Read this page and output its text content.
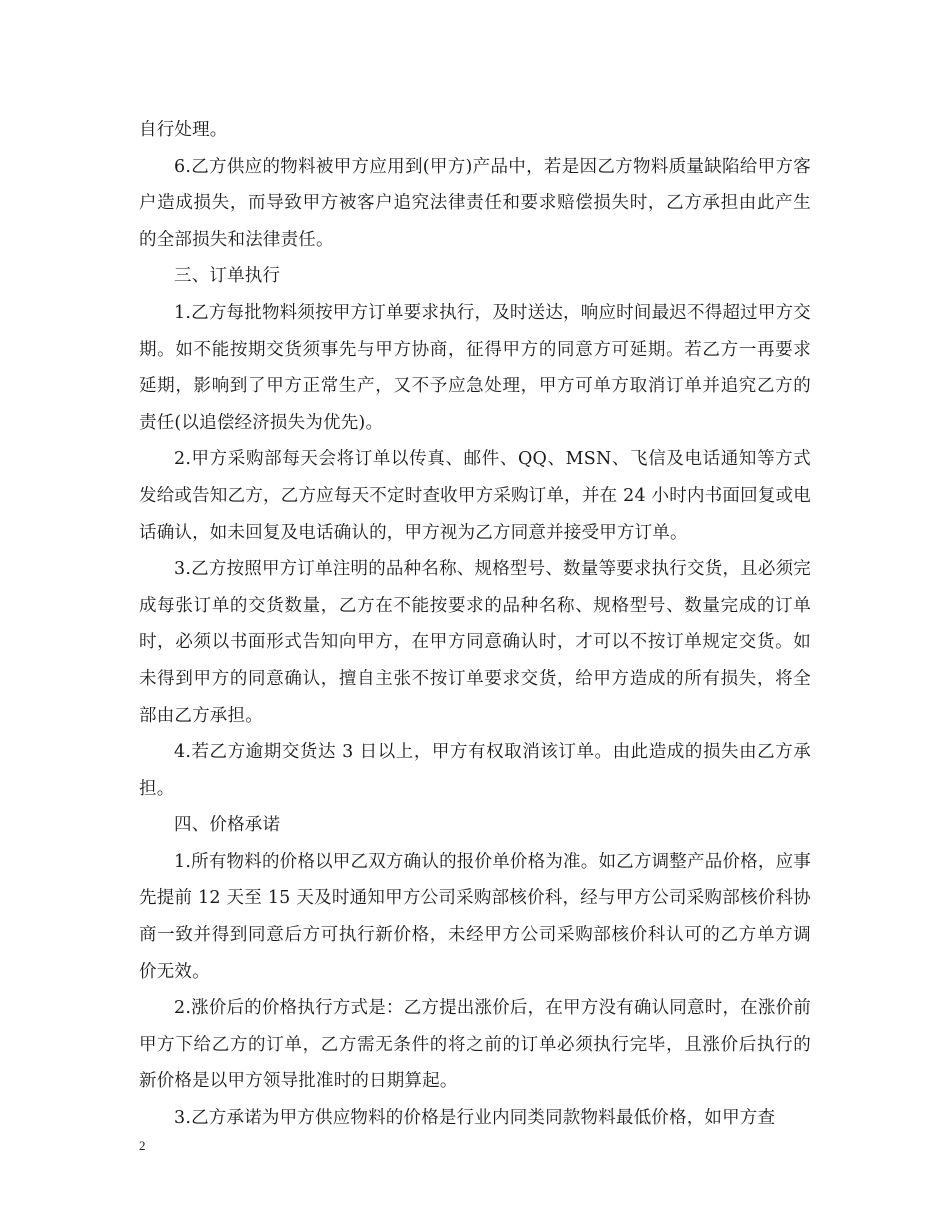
自行处理。

6.乙方供应的物料被甲方应用到(甲方)产品中，若是因乙方物料质量缺陷给甲方客户造成损失，而导致甲方被客户追究法律责任和要求赔偿损失时，乙方承担由此产生的全部损失和法律责任。

三、订单执行

1.乙方每批物料须按甲方订单要求执行，及时送达，响应时间最迟不得超过甲方交期。如不能按期交货须事先与甲方协商，征得甲方的同意方可延期。若乙方一再要求延期，影响到了甲方正常生产，又不予应急处理，甲方可单方取消订单并追究乙方的责任(以追偿经济损失为优先)。

2.甲方采购部每天会将订单以传真、邮件、QQ、MSN、飞信及电话通知等方式发给或告知乙方，乙方应每天不定时查收甲方采购订单，并在 24 小时内书面回复或电话确认，如未回复及电话确认的，甲方视为乙方同意并接受甲方订单。

3.乙方按照甲方订单注明的品种名称、规格型号、数量等要求执行交货，且必须完成每张订单的交货数量，乙方在不能按要求的品种名称、规格型号、数量完成的订单时，必须以书面形式告知向甲方，在甲方同意确认时，才可以不按订单规定交货。如未得到甲方的同意确认，擅自主张不按订单要求交货，给甲方造成的所有损失，将全部由乙方承担。

4.若乙方逾期交货达 3 日以上，甲方有权取消该订单。由此造成的损失由乙方承担。

四、价格承诺

1.所有物料的价格以甲乙双方确认的报价单价格为准。如乙方调整产品价格，应事先提前 12 天至 15 天及时通知甲方公司采购部核价科，经与甲方公司采购部核价科协商一致并得到同意后方可执行新价格，未经甲方公司采购部核价科认可的乙方单方调价无效。

2.涨价后的价格执行方式是：乙方提出涨价后，在甲方没有确认同意时，在涨价前甲方下给乙方的订单，乙方需无条件的将之前的订单必须执行完毕，且涨价后执行的新价格是以甲方领导批准时的日期算起。

3.乙方承诺为甲方供应物料的价格是行业内同类同款物料最低价格，如甲方查

2
